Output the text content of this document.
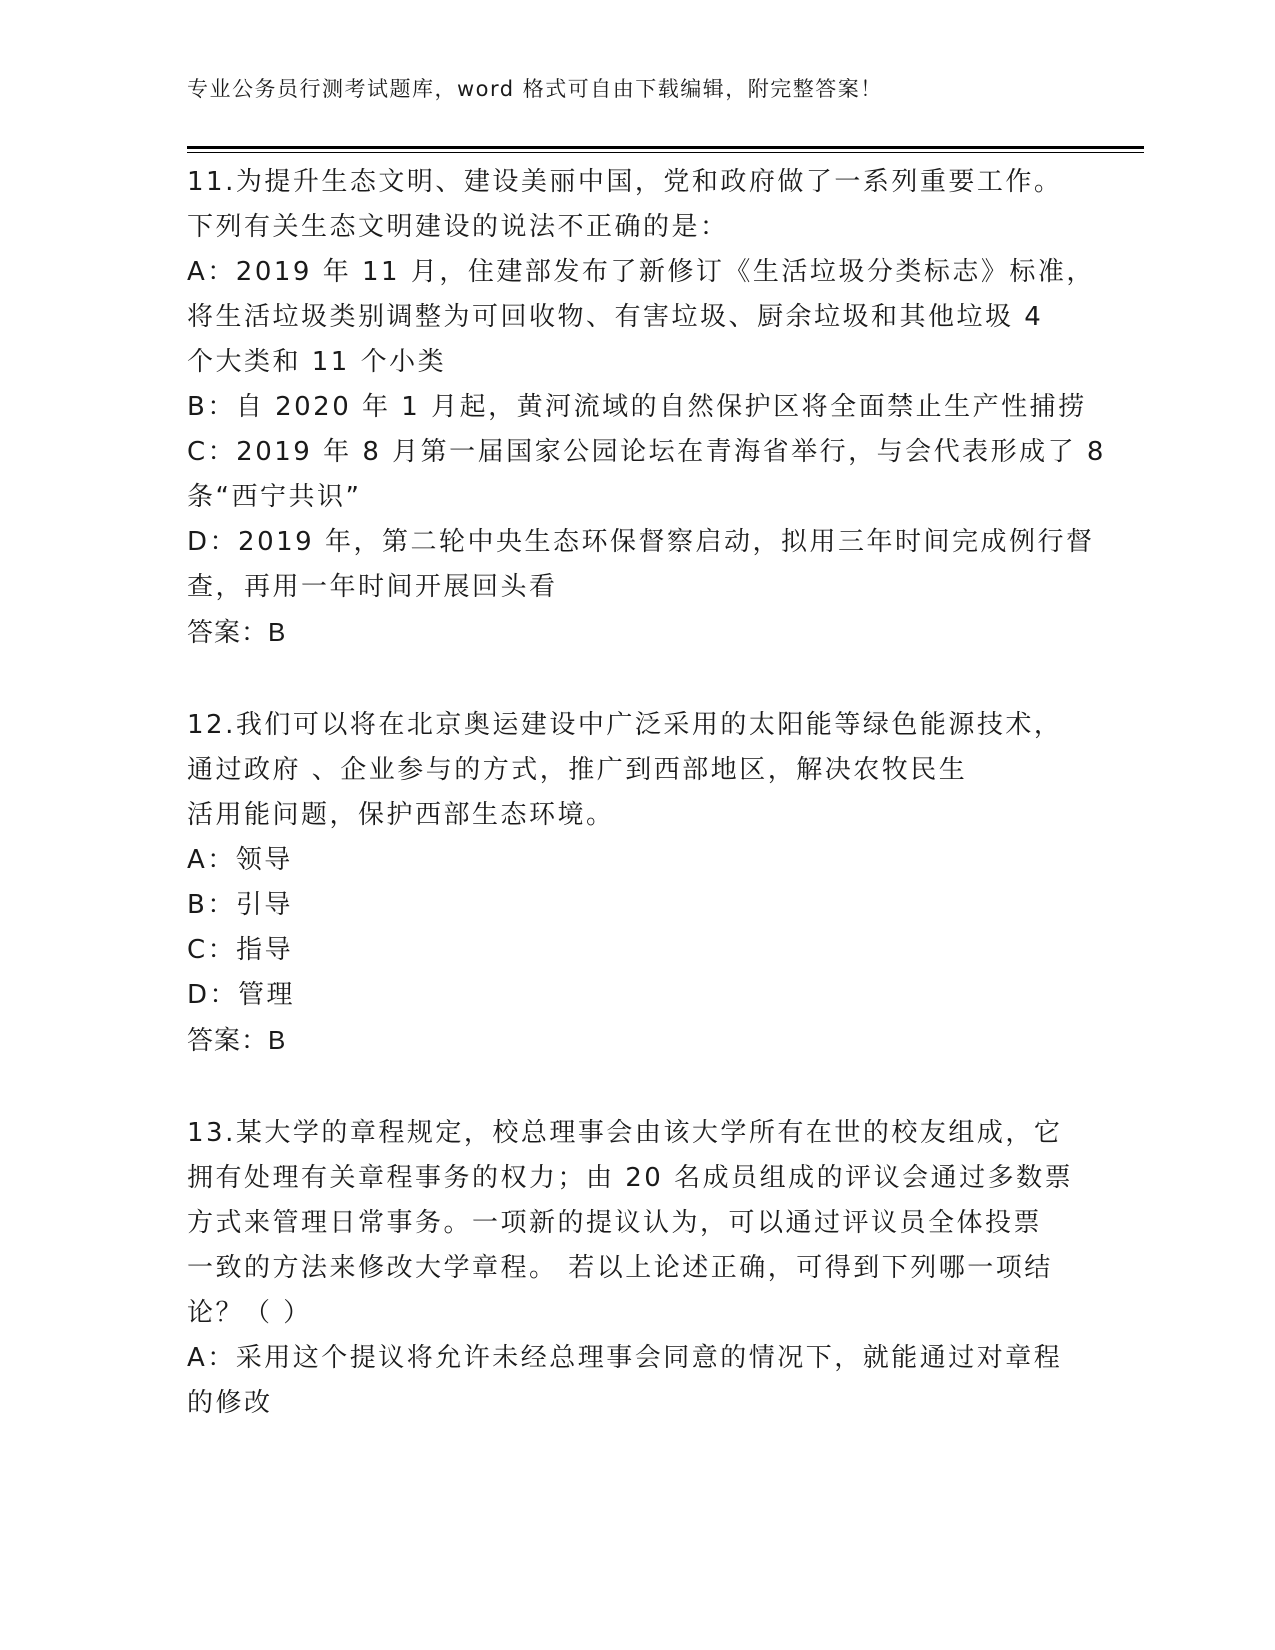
专业公务员行测考试题库，word 格式可自由下载编辑，附完整答案！
11.为提升生态文明、建设美丽中国，党和政府做了一系列重要工作。
下列有关生态文明建设的说法不正确的是：
A：2019 年 11 月，住建部发布了新修订《生活垃圾分类标志》标准，
将生活垃圾类别调整为可回收物、有害垃圾、厨余垃圾和其他垃圾 4
个大类和 11 个小类
B：自 2020 年 1 月起，黄河流域的自然保护区将全面禁止生产性捕捞
C：2019 年 8 月第一届国家公园论坛在青海省举行，与会代表形成了 8
条“西宁共识”
D：2019 年，第二轮中央生态环保督察启动，拟用三年时间完成例行督
查，再用一年时间开展回头看
答案：B
12.我们可以将在北京奥运建设中广泛采用的太阳能等绿色能源技术，
通过政府 、企业参与的方式，推广到西部地区，解决农牧民生
活用能问题，保护西部生态环境。
A：领导
B：引导
C：指导
D：管理
答案：B
13.某大学的章程规定，校总理事会由该大学所有在世的校友组成，它
拥有处理有关章程事务的权力；由 20 名成员组成的评议会通过多数票
方式来管理日常事务。一项新的提议认为，可以通过评议员全体投票
一致的方法来修改大学章程。 若以上论述正确，可得到下列哪一项结
论？（ ）
A：采用这个提议将允许未经总理事会同意的情况下，就能通过对章程
的修改
